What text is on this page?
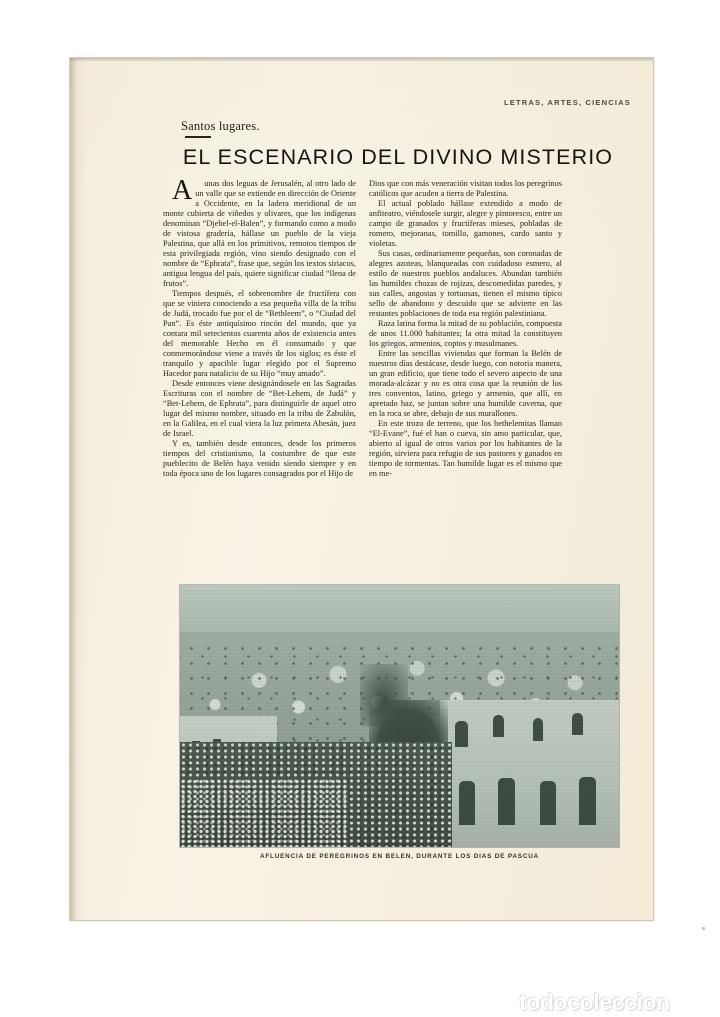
LETRAS, ARTES, CIENCIAS
Santos lugares.
EL ESCENARIO DEL DIVINO MISTERIO

Aunas dos leguas de Jerusalén, al otro lado de un valle que se extiende en dirección de Oriente a Occidente, en la ladera meridional de un monte cubierta de viñedos y olivares, que los indígenas denominan “Djebel-el-Balen”, y formando como a modo de vistosa gradería, hállase un pueblo de la vieja Palestina, que allá en los primitivos, remotos tiempos de esta privilegiada región, vino siendo designado con el nombre de “Ephrata”, frase que, según los textos siriacos, antigua lengua del país, quiere significar ciudad “llena de frutos”.

Tiempos después, el sobrenombre de fructífera con que se viniera conociendo a esa pequeña villa de la tribu de Judá, trocado fue por el de “Bethleem”, o “Ciudad del Pan”. Es éste antiquísimo rincón del mundo, que ya contara mil setecientos cuarenta años de existencia antes del memorable Hecho en él consumado y que conmemorándose viene a través de los siglos; es éste el tranquilo y apacible lugar elegido por el Supremo Hacedor para natalicio de su Hijo “muy amado”.

Desde entonces viene designándosele en las Sagradas Escrituras con el nombre de “Bet-Lehem, de Judá” y “Bet-Lehem, de Ephrata”, para distinguirle de aquel otro lugar del mismo nombre, situado en la tribu de Zabulón, en la Galilea, en el cual viera la luz primera Abesán, juez de Israel.

Y es, también desde entonces, desde los primeros tiempos del cristianismo, la costumbre de que este pueblecito de Belén haya venido siendo siempre y en toda época uno de los lugares consagrados por el Hijo de

Dios que con más veneración visitan todos los peregrinos católicos que acuden a tierra de Palestina.

El actual poblado hállase extendido a modo de anfiteatro, viéndosele surgir, alegre y pintoresco, entre un campo de granados y fructíferas mieses, pobladas de romero, mejoranas, tomillo, gamones, cardo santo y violetas.

Sus casas, ordinariamente pequeñas, son coronadas de alegres azoteas, blanqueadas con cuidadoso esmero, al estilo de nuestros pueblos andaluces. Abundan también las humildes chozas de rojizas, descomedidas paredes, y sus calles, angostas y tortuosas, tienen el mismo típico sello de abandono y descuido que se advierte en las restantes poblaciones de toda esa región palestiniana.

Raza latina forma la mitad de su población, compuesta de unos 11.000 habitantes; la otra mitad la constituyen los griegos, armenios, coptos y musulmanes.

Entre las sencillas viviendas que forman la Belén de nuestros días destácase, desde luego, con notoria manera, un gran edificio, que tiene todo el severo aspecto de una morada-alcázar y no es otra cosa que la reunión de los tres conventos, latino, griego y armenio, que allí, en apretado haz, se juntan sobre una humilde caverna, que en la roca se abre, debajo de sus murallones.

En este trozo de terreno, que los bethelemitas llaman “El-Evane”, fué el han o cueva, sin amo particular, que, abierto al igual de otros varios por los habitantes de la región, sirviera para refugio de sus pastores y ganados en tiempo de tormentas. Tan humilde lugar es el mismo que en me-

AFLUENCIA DE PEREGRINOS EN BELEN, DURANTE LOS DIAS DE PASCUA
todocoleccion
